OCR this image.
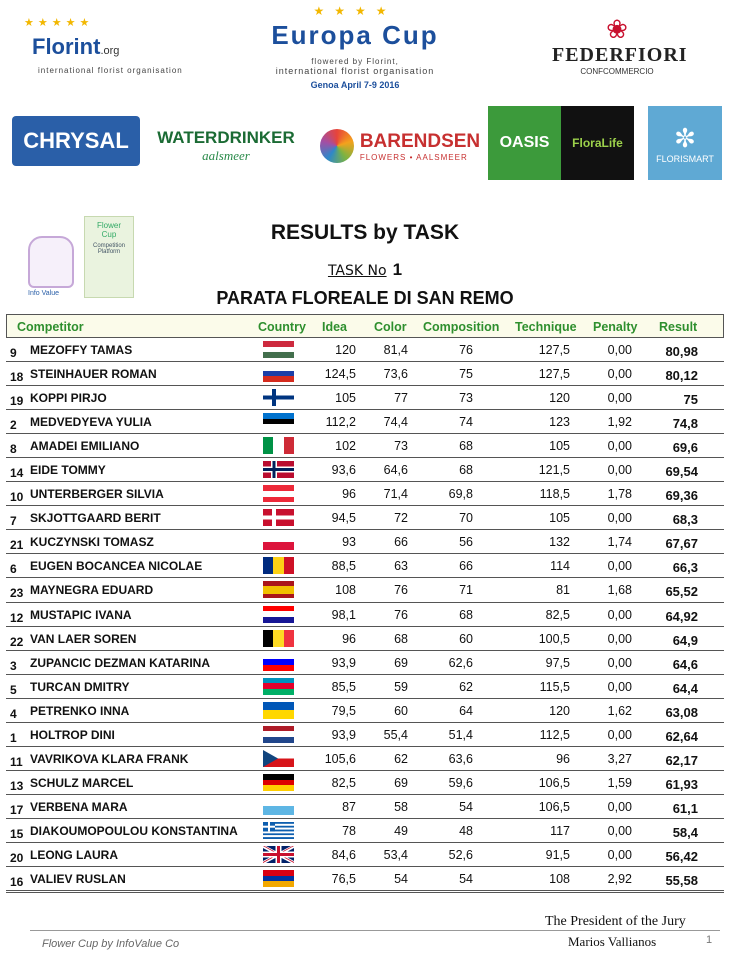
★★★★★
Florint.org
international florist organisation
★★★★
Europa Cup
flowered by Florint,
international florist organisation
Genoa April 7-9 2016
❀
FEDERFIORI
CONFCOMMERCIO
CHRYSAL WATERDRINKER
aalsmeer
BARENDSEN
FLOWERS • AALSMEER
OASIS	FloraLife	✼
FLORISMART
Flower Cup
Competition Platform
Info Value
RESULTS by TASK
TASK No 1
PARATA FLOREALE DI SAN REMO
Competitor	Country Idea Color Composition Technique Penalty Result
9 MEZOFFY TAMAS	120	81,4	76	127,5	0,00	80,98
18 STEINHAUER ROMAN	124,5	73,6	75	127,5	0,00	80,12
19 KOPPI PIRJO	105	77	73	120	0,00	75
2 MEDVEDYEVA YULIA	112,2	74,4	74	123	1,92	74,8
8 AMADEI EMILIANO	102	73	68	105	0,00	69,6
14 EIDE TOMMY	93,6	64,6	68	121,5	0,00	69,54
10 UNTERBERGER SILVIA	96	71,4	69,8	118,5	1,78	69,36
7 SKJOTTGAARD BERIT	94,5	72	70	105	0,00	68,3
21 KUCZYNSKI TOMASZ	93	66	56	132	1,74	67,67
6 EUGEN BOCANCEA NICOLAE	88,5	63	66	114	0,00	66,3
23 MAYNEGRA EDUARD	108	76	71	81	1,68	65,52
12 MUSTAPIC IVANA	98,1	76	68	82,5	0,00	64,92
22 VAN LAER SOREN	96	68	60	100,5	0,00	64,9
3 ZUPANCIC DEZMAN KATARINA	93,9	69	62,6	97,5	0,00	64,6
5 TURCAN DMITRY	85,5	59	62	115,5	0,00	64,4
4 PETRENKO INNA	79,5	60	64	120	1,62	63,08
1 HOLTROP DINI	93,9	55,4	51,4	112,5	0,00	62,64
11 VAVRIKOVA KLARA FRANK	105,6	62	63,6	96	3,27	62,17
13 SCHULZ MARCEL	82,5	69	59,6	106,5	1,59	61,93
17 VERBENA MARA	87	58	54	106,5	0,00	61,1
15 DIAKOUMOPOULOU KONSTANTINA	78	49	48	117	0,00	58,4
20 LEONG LAURA	84,6	53,4	52,6	91,5	0,00	56,42
16 VALIEV RUSLAN	76,5	54	54	108	2,92	55,58
The President of the Jury
Marios Vallianos
Flower Cup by InfoValue Co	1
